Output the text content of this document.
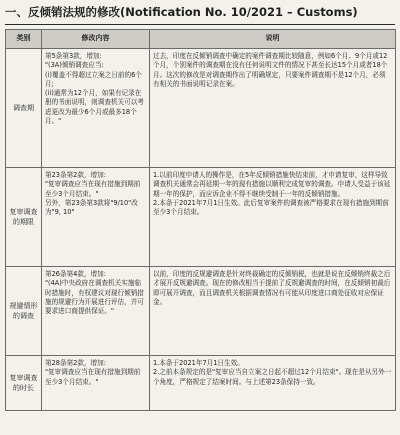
一、反倾销法规的修改(Notification No. 10/2021 – Customs)
类别	修改内容	说明

调查期	第5条第3款，增加:
"(3A)倾销调查应当:
(i)覆盖不得超过立案之日前的6个月;
(ii)通常为12个月，如果有记录在册的书面说明，则调查机关可以考虑更改为最少6个月或最多18个月。"	过去，印度在反倾销调查中确定的案件调查期比较随意，例如6个月、9个月或12个月，个别案件的调查期在没有任何说明文件的情况下甚至长达15个月或者18个月。这次的修改是对调查期作出了明确规定，只要案件调查期不是12个月，必须有相关的书面说明记录在案。

复审调查
的期限	第23条第2款，增加:
"复审调查应当在现有措施到期前至少3个月结束。"
另外，第23条第3款将"9/10"改为"9, 10"	1.以前印度申请人的操作是，在5年反倾销措施快结束前，才申请复审，这样导致调查机关通常会再延期一年的现有措施以顺利完成复审的调查。申请人受益于该延期一年的保护，而应诉企业不得不继续受制于一年的反倾销措施。
2.本条于2021年7月1日生效。此后复审案件的调查被严格要求在现有措施到期前至少3个月结束。

规避情形
的调查	第26条第4款，增加:
"(4A)中央政府在调查机关实施临时措施时，有权建议对现行倾销措施的规避行为开展进行评估，并可要求进口商提供保证。"	以前，印度的反规避调查是针对终裁确定的反倾销税，也就是说在反倾销终裁之后才展开反规避调查。现在的修改相当于提前了反规避调查的时间，在反倾销初裁后即可展开调查，而且调查机关根据调查情况有可能从印度进口商处征收对应保证金。

复审调查
的时长	第28条第2款，增加:
"复审调查应当在现有措施到期前至少3个月结束。"	1.本条于2021年7月1日生效。
2.之前本条规定的是"复审应当自立案之日起不超过12个月结束"。现在是从另外一个角度，严格规定了结案时间。与上述第23条保持一致。
